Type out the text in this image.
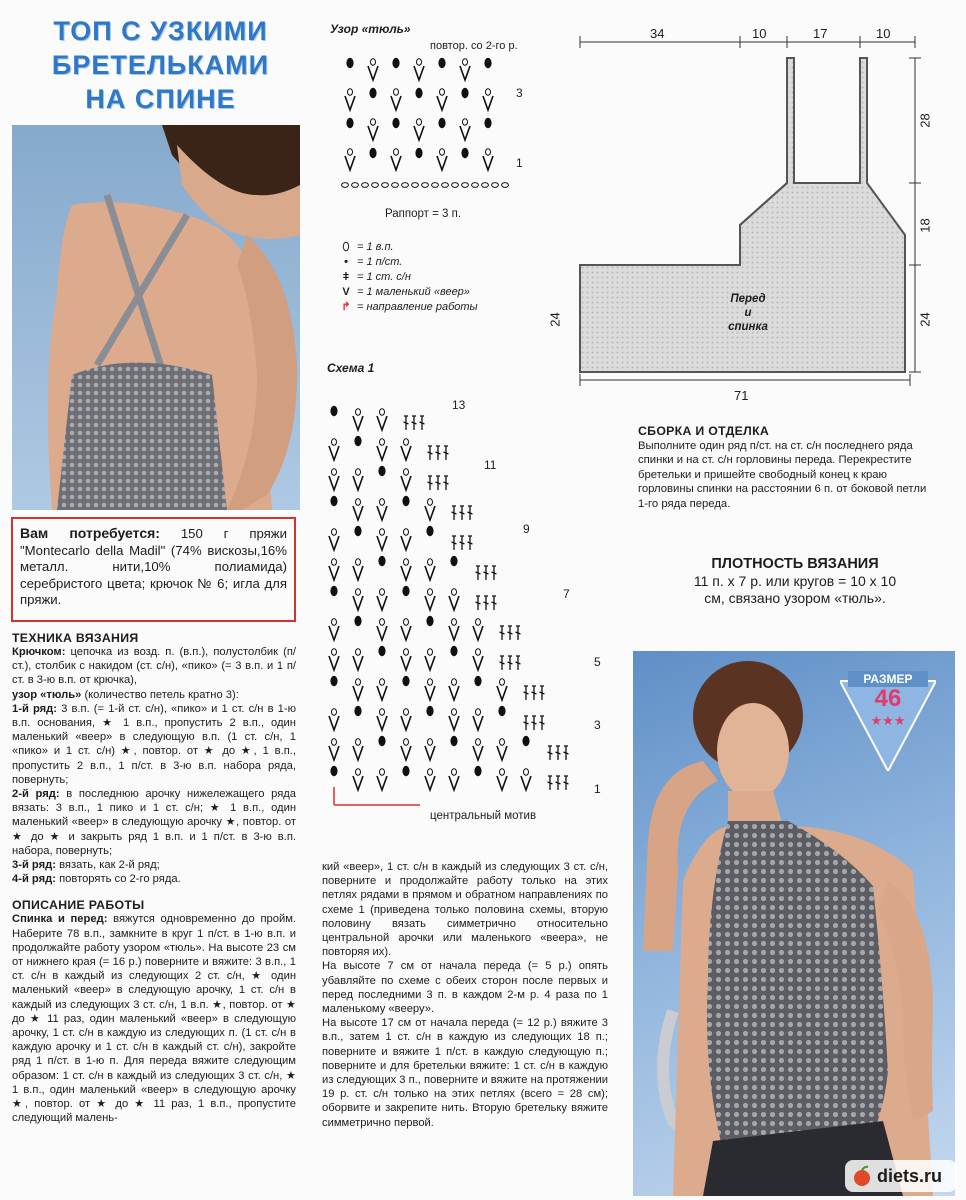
ТОП С УЗКИМИ
БРЕТЕЛЬКАМИ
НА СПИНЕ
Вам потребуется: 150 г пряжи "Montecarlo della Madil" (74% вискозы,16% металл. нити,10% полиамида) серебристого цвета; крючок № 6; игла для пряжи.
ТЕХНИКА ВЯЗАНИЯ

Крючком: цепочка из возд. п. (в.п.), полустолбик (п/ст.), столбик с накидом (ст. с/н), «пико» (= 3 в.п. и 1 п/ст. в 3-ю в.п. от крючка),

узор «тюль» (количество петель кратно 3):

1-й ряд: 3 в.п. (= 1-й ст. с/н), «пико» и 1 ст. с/н в 1-ю в.п. основания, ★ 1 в.п., пропустить 2 в.п., один маленький «веер» в следующую в.п. (1 ст. с/н, 1 «пико» и 1 ст. с/н) ★, повтор. от ★ до ★, 1 в.п., пропустить 2 в.п., 1 п/ст. в 3-ю в.п. набора ряда, повернуть;

2-й ряд: в последнюю арочку нижележащего ряда вязать: 3 в.п., 1 пико и 1 ст. с/н; ★ 1 в.п., один маленький «веер» в следующую арочку ★, повтор. от ★ до ★ и закрыть ряд 1 в.п. и 1 п/ст. в 3-ю в.п. набора, повернуть;

3-й ряд: вязать, как 2-й ряд;

4-й ряд: повторять со 2-го ряда.

ОПИСАНИЕ РАБОТЫ

Спинка и перед: вяжутся одновременно до пройм. Наберите 78 в.п., замкните в круг 1 п/ст. в 1-ю в.п. и продолжайте работу узором «тюль». На высоте 23 см от нижнего края (= 16 р.) поверните и вяжите: 3 в.п., 1 ст. с/н в каждый из следующих 2 ст. с/н, ★ один маленький «веер» в следующую арочку, 1 ст. с/н в каждый из следующих 3 ст. с/н, 1 в.п. ★, повтор. от ★ до ★ 11 раз, один маленький «веер» в следующую арочку, 1 ст. с/н в каждую из следующих п. (1 ст. с/н в каждую арочку и 1 ст. с/н в каждый ст. с/н), закройте ряд 1 п/ст. в 1-ю п. Для переда вяжите следующим образом: 1 ст. с/н в каждый из следующих 3 ст. с/н, ★ 1 в.п., один маленький «веер» в следующую арочку ★, повтор. от ★ до ★ 11 раз, 1 в.п., пропустите следующий малень-

кий «веер», 1 ст. с/н в каждый из следующих 3 ст. с/н, поверните и продолжайте работу только на этих петлях рядами в прямом и обратном направлениях по схеме 1 (приведена только половина схемы, вторую половину вязать симметрично относительно центральной арочки или маленького «веера», не повторяя их).

На высоте 7 см от начала переда (= 5 р.) опять убавляйте по схеме с обеих сторон после первых и перед последними 3 п. в каждом 2-м р. 4 раза по 1 маленькому «вееру».

На высоте 17 см от начала переда (= 12 р.) вяжите 3 в.п., затем 1 ст. с/н в каждую из следующих 18 п.; поверните и вяжите 1 п/ст. в каждую следующую п.; поверните и для бретельки вяжите: 1 ст. с/н в каждую из следующих 3 п., поверните и вяжите на протяжении 19 р. ст. с/н только на этих петлях (всего = 28 см); оборвите и закрепите нить. Вторую бретельку вяжите симметрично первой.

Узор «тюль»
повтор. со 2-го р.
3
1
Раппорт = 3 п.
⬯ = 1 в.п.
• = 1 п/ст.
ǂ = 1 ст. с/н
V = 1 маленький «веер»
↱ = направление работы
Схема 1
13
11
9
7
5
3
1
центральный мотив
34	10	17	10
28
18
24
24
71
Перед
и
спинка
СБОРКА И ОТДЕЛКА
Выполните один ряд п/ст. на ст. с/н последнего ряда спинки и на ст. с/н горловины переда. Перекрестите бретельки и пришейте свободный конец к краю горловины спинки на расстоянии 6 п. от боковой петли 1-го ряда переда.
ПЛОТНОСТЬ ВЯЗАНИЯ
11 п. х 7 р. или кругов = 10 х 10 см, связано узором «тюль».
РАЗМЕР
46
★★★
diets.ru
